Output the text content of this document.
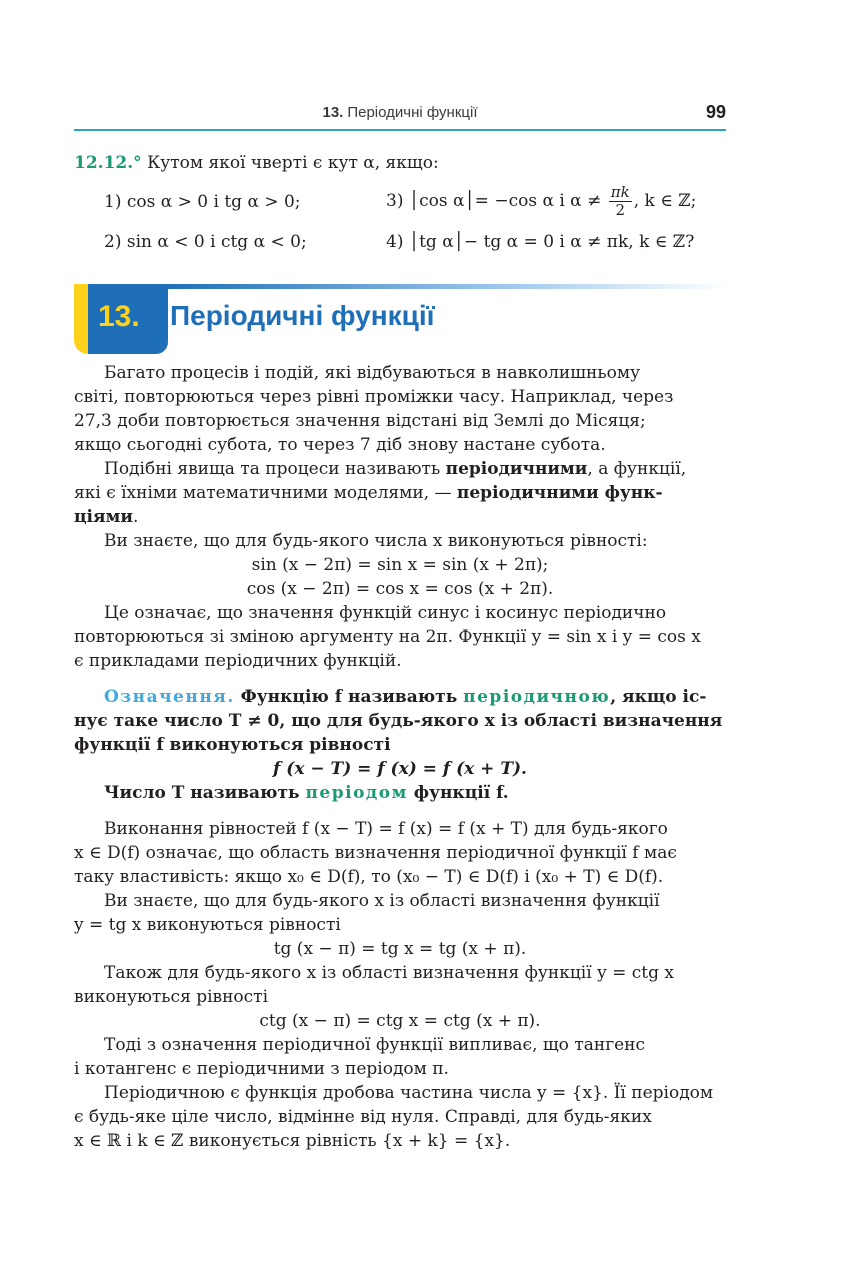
13. Періодичні функції	99
12.12.° Кутом якої чверті є кут α, якщо:
1) cos α > 0 і tg α > 0;	3) │cos α│= −cos α і $\alpha \ne \frac{\pi k}{2}$ , k ∈ ℤ;
2) sin α < 0 і ctg α < 0;	4) │tg α│− tg α = 0 і α ≠ πk, k ∈ ℤ?
13. Періодичні функції
Багато процесів і подій, які відбуваються в навколишньому
світі, повторюються через рівні проміжки часу. Наприклад, через
27,3 доби повторюється значення відстані від Землі до Місяця;
якщо сьогодні субота, то через 7 діб знову настане субота.
Подібні явища та процеси називають періодичними, а функції,
які є їхніми математичними моделями, — періодичними функ-
ціями.
Ви знаєте, що для будь-якого числа x виконуються рівності:
sin (x − 2π) = sin x = sin (x + 2π);
cos (x − 2π) = cos x = cos (x + 2π).
Це означає, що значення функцій синус і косинус періодично
повторюються зі зміною аргументу на 2π. Функції y = sin x і y = cos x
є прикладами періодичних функцій.
Означення. Функцію f називають періодичною, якщо іс-
нує таке число T ≠ 0, що для будь-якого x із області визначення
функції f виконуються рівності
f (x − T) = f (x) = f (x + T).
Число T називають періодом функції f.
Виконання рівностей f (x − T) = f (x) = f (x + T) для будь-якого
x ∈ D(f) означає, що область визначення періодичної функції f має
таку властивість: якщо x₀ ∈ D(f), то (x₀ − T) ∈ D(f) і (x₀ + T) ∈ D(f).
Ви знаєте, що для будь-якого x із області визначення функції
y = tg x виконуються рівності
tg (x − π) = tg x = tg (x + π).
Також для будь-якого x із області визначення функції y = ctg x
виконуються рівності
ctg (x − π) = ctg x = ctg (x + π).
Тоді з означення періодичної функції випливає, що тангенс
і котангенс є періодичними з періодом π.
Періодичною є функція дробова частина числа y = {x}. Її періодом
є будь-яке ціле число, відмінне від нуля. Справді, для будь-яких
x ∈ ℝ і k ∈ ℤ виконується рівність {x + k} = {x}.
